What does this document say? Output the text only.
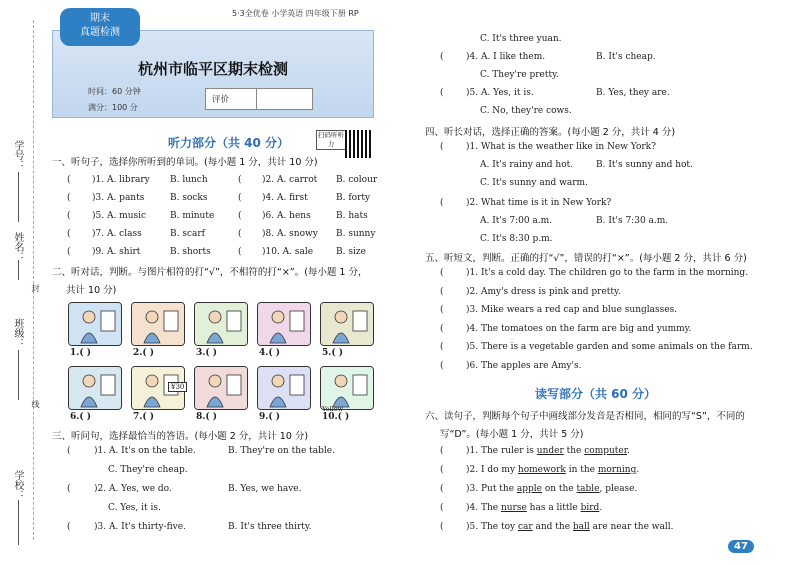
学号：
姓名：
封
班级：
线
学校：
期末
真题检测
5·3全优卷 小学英语 四年级下册 RP
杭州市临平区期末检测
时间：60 分钟
满分：100 分
评价
听力部分（共 40 分）
扫码听听力
一、听句子，选择你所听到的单词。(每小题 1 分，共计 10 分)
( )1. A. library B. lunch	( )2. A. carrot B. colour
( )3. A. pants	B. socks	( )4. A. first	B. forty
( )5. A. music	B. minute	( )6. A. hens	B. hats
( )7. A. class	B. scarf	( )8. A. snowy B. sunny
( )9. A. shirt	B. shorts	( )10. A. sale	B. size
二、听对话，判断。与图片相符的打“√”，不相符的打“×”。(每小题 1 分，
共计 10 分)
1.( )	2.( )	3.( )	4.( )	5.( )
6.( )	7.( )	8.( )	9.( )	10.( )
¥30
Yellow
三、听问句，选择最恰当的答语。(每小题 2 分，共计 10 分)
(	)1. A. It's on the table.	B. They're on the table.
C. They're cheap.
(	)2. A. Yes, we do.	B. Yes, we have.
C. Yes, it is.
(	)3. A. It's thirty-five.	B. It's three thirty.
C. It's three yuan.
( )4. A. I like them.	B. It's cheap.
C. They're pretty.
( )5. A. Yes, it is.	B. Yes, they are.
C. No, they're cows.
四、听长对话，选择正确的答案。(每小题 2 分，共计 4 分)
( )1. What is the weather like in New York?
A. It's rainy and hot.	B. It's sunny and hot.
C. It's sunny and warm.
( )2. What time is it in New York?
A. It's 7:00 a.m.	B. It's 7:30 a.m.
C. It's 8:30 p.m.
五、听短文，判断。正确的打“√”，错误的打“×”。(每小题 2 分，共计 6 分)
( )1. It's a cold day. The children go to the farm in the morning.
( )2. Amy's dress is pink and pretty.
( )3. Mike wears a red cap and blue sunglasses.
( )4. The tomatoes on the farm are big and yummy.
( )5. There is a vegetable garden and some animals on the farm.
( )6. The apples are Amy's.
读写部分（共 60 分）
六、读句子，判断每个句子中画线部分发音是否相同，相同的写“S”，不同的
写“D”。(每小题 1 分，共计 5 分)
( )1. The ruler is under the computer.
( )2. I do my homework in the morning.
( )3. Put the apple on the table, please.
( )4. The nurse has a little bird.
( )5. The toy car and the ball are near the wall.
47
